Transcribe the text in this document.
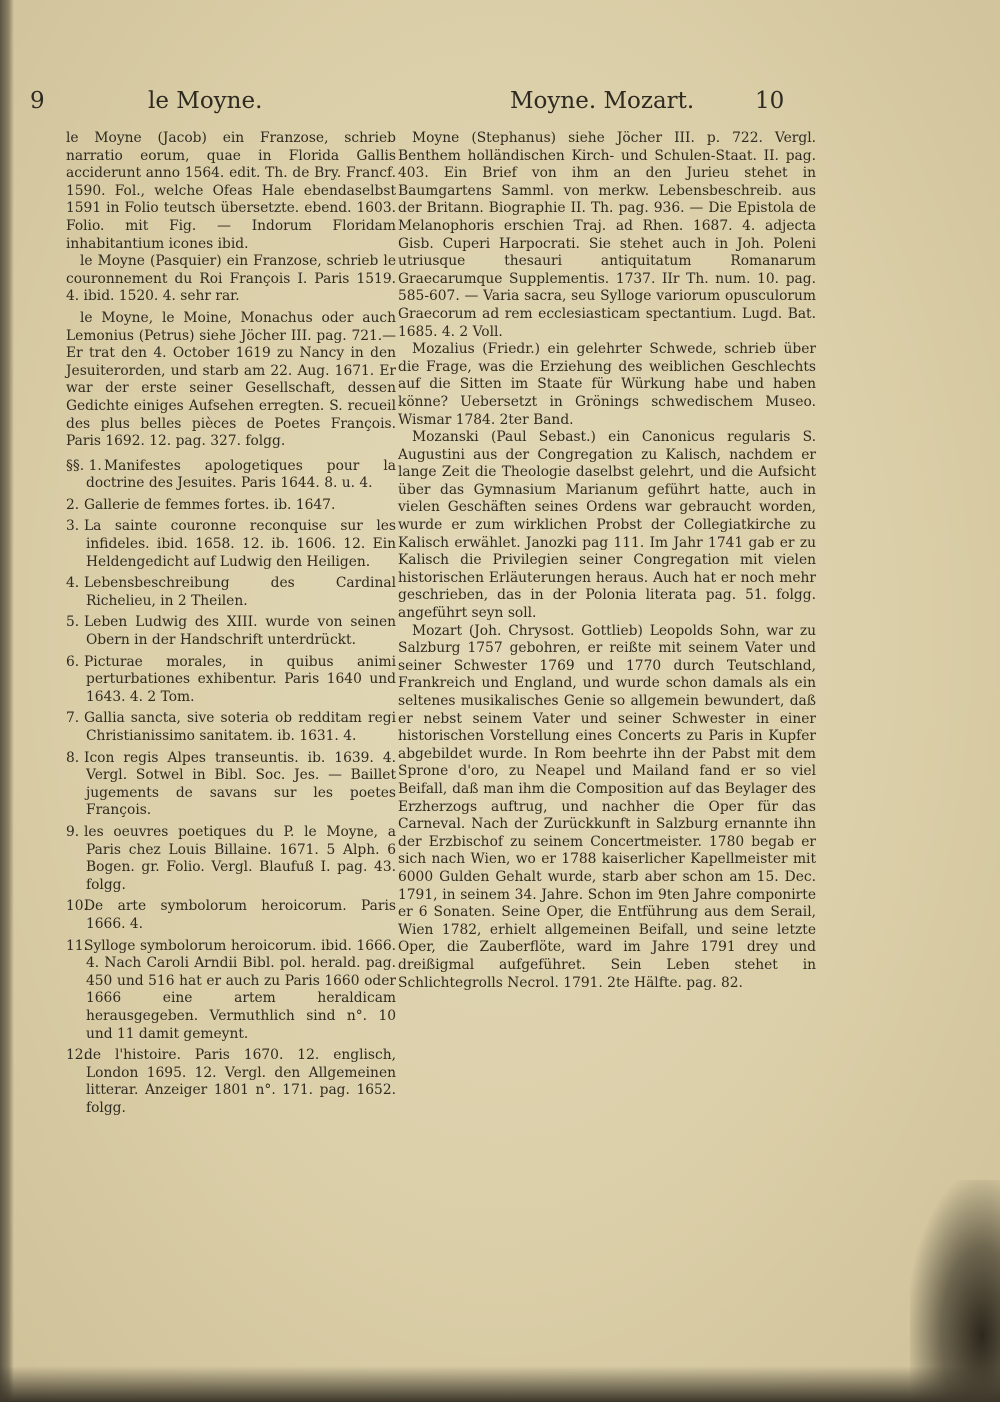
9	le Moyne.	Moyne. Mozart.	10

le Moyne (Jacob) ein Franzose, schrieb narratio eorum, quae in Florida Gallis acciderunt anno 1564. edit. Th. de Bry. Francf. 1590. Fol., welche Ofeas Hale ebendaselbst 1591 in Folio teutsch übersetzte. ebend. 1603. Folio. mit Fig. — Indorum Floridam inhabitantium icones ibid.

le Moyne (Pasquier) ein Franzose, schrieb le couronnement du Roi François I. Paris 1519. 4. ibid. 1520. 4. sehr rar.

le Moyne, le Moine, Monachus oder auch Lemonius (Petrus) siehe Jöcher III. pag. 721.— Er trat den 4. October 1619 zu Nancy in den Jesuiterorden, und starb am 22. Aug. 1671. Er war der erste seiner Gesellschaft, dessen Gedichte einiges Aufsehen erregten. S. recueil des plus belles pièces de Poetes François. Paris 1692. 12. pag. 327. folgg.

§§. 1. Manifestes apologetiques pour la doctrine des Jesuites. Paris 1644. 8. u. 4.

2. Gallerie de femmes fortes. ib. 1647.

3. La sainte couronne reconquise sur les infideles. ibid. 1658. 12. ib. 1606. 12. Ein Heldengedicht auf Ludwig den Heiligen.

4. Lebensbeschreibung des Cardinal Richelieu, in 2 Theilen.

5. Leben Ludwig des XIII. wurde von seinen Obern in der Handschrift unterdrückt.

6. Picturae morales, in quibus animi perturbationes exhibentur. Paris 1640 und 1643. 4. 2 Tom.

7. Gallia sancta, sive soteria ob redditam regi Christianissimo sanitatem. ib. 1631. 4.

8. Icon regis Alpes transeuntis. ib. 1639. 4. Vergl. Sotwel in Bibl. Soc. Jes. — Baillet jugements de savans sur les poetes François.

9. les oeuvres poetiques du P. le Moyne, a Paris chez Louis Billaine. 1671. 5 Alph. 6 Bogen. gr. Folio. Vergl. Blaufuß I. pag. 43. folgg.

10.De arte symbolorum heroicorum. Paris 1666. 4.

11.Sylloge symbolorum heroicorum. ibid. 1666. 4. Nach Caroli Arndii Bibl. pol. herald. pag. 450 und 516 hat er auch zu Paris 1660 oder 1666 eine artem heraldicam herausgegeben. Vermuthlich sind n°. 10 und 11 damit gemeynt.

12.de l'histoire. Paris 1670. 12. englisch, London 1695. 12. Vergl. den Allgemeinen litterar. Anzeiger 1801 n°. 171. pag. 1652. folgg.

Moyne (Stephanus) siehe Jöcher III. p. 722. Vergl. Benthem holländischen Kirch- und Schulen-Staat. II. pag. 403. Ein Brief von ihm an den Jurieu stehet in Baumgartens Samml. von merkw. Lebensbeschreib. aus der Britann. Biographie II. Th. pag. 936. — Die Epistola de Melanophoris erschien Traj. ad Rhen. 1687. 4. adjecta Gisb. Cuperi Harpocrati. Sie stehet auch in Joh. Poleni utriusque thesauri antiquitatum Romanarum Graecarumque Supplementis. 1737. IIr Th. num. 10. pag. 585-607. — Varia sacra, seu Sylloge variorum opusculorum Graecorum ad rem ecclesiasticam spectantium. Lugd. Bat. 1685. 4. 2 Voll.

Mozalius (Friedr.) ein gelehrter Schwede, schrieb über die Frage, was die Erziehung des weiblichen Geschlechts auf die Sitten im Staate für Würkung habe und haben könne? Uebersetzt in Grönings schwedischem Museo. Wismar 1784. 2ter Band.

Mozanski (Paul Sebast.) ein Canonicus regularis S. Augustini aus der Congregation zu Kalisch, nachdem er lange Zeit die Theologie daselbst gelehrt, und die Aufsicht über das Gymnasium Marianum geführt hatte, auch in vielen Geschäften seines Ordens war gebraucht worden, wurde er zum wirklichen Probst der Collegiatkirche zu Kalisch erwählet. Janozki pag 111. Im Jahr 1741 gab er zu Kalisch die Privilegien seiner Congregation mit vielen historischen Erläuterungen heraus. Auch hat er noch mehr geschrieben, das in der Polonia literata pag. 51. folgg. angeführt seyn soll.

Mozart (Joh. Chrysost. Gottlieb) Leopolds Sohn, war zu Salzburg 1757 gebohren, er reißte mit seinem Vater und seiner Schwester 1769 und 1770 durch Teutschland, Frankreich und England, und wurde schon damals als ein seltenes musikalisches Genie so allgemein bewundert, daß er nebst seinem Vater und seiner Schwester in einer historischen Vorstellung eines Concerts zu Paris in Kupfer abgebildet wurde. In Rom beehrte ihn der Pabst mit dem Sprone d'oro, zu Neapel und Mailand fand er so viel Beifall, daß man ihm die Composition auf das Beylager des Erzherzogs auftrug, und nachher die Oper für das Carneval. Nach der Zurückkunft in Salzburg ernannte ihn der Erzbischof zu seinem Concertmeister. 1780 begab er sich nach Wien, wo er 1788 kaiserlicher Kapellmeister mit 6000 Gulden Gehalt wurde, starb aber schon am 15. Dec. 1791, in seinem 34. Jahre. Schon im 9ten Jahre componirte er 6 Sonaten. Seine Oper, die Entführung aus dem Serail, Wien 1782, erhielt allgemeinen Beifall, und seine letzte Oper, die Zauberflöte, ward im Jahre 1791 drey und dreißigmal aufgeführet. Sein Leben stehet in Schlichtegrolls Necrol. 1791. 2te Hälfte. pag. 82.
